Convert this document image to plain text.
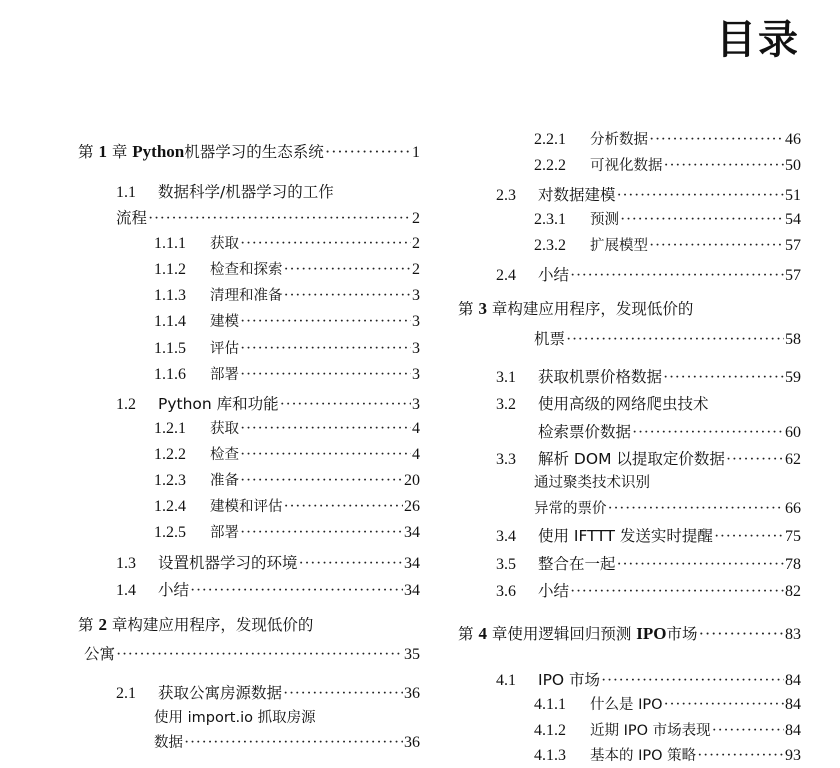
目录
第 1 章 Python 机器学习的生态系统 ·····	1
1.1	数据科学/机器学习的工作
流程 ·····	2
1.1.1	获取 ·····	2
1.1.2	检查和探索 ·····	2
1.1.3	清理和准备 ·····	3
1.1.4	建模 ·····	3
1.1.5	评估 ·····	3
1.1.6	部署 ·····	3
1.2	Python 库和功能 ·····	3
1.2.1	获取 ·····	4
1.2.2	检查 ·····	4
1.2.3	准备 ·····	20
1.2.4	建模和评估 ·····	26
1.2.5	部署 ·····	34
1.3	设置机器学习的环境 ·····	34
1.4	小结 ·····	34
第 2 章构建应用程序，发现低价的
公寓 ·····	35
2.1	获取公寓房源数据 ·····	36
使用 import.io 抓取房源
数据 ·····	36
2.2.1	分析数据 ·····	46
2.2.2	可视化数据 ·····	50
2.3	对数据建模 ·····	51
2.3.1	预测 ·····	54
2.3.2	扩展模型 ·····	57
2.4	小结 ·····	57
第 3 章构建应用程序，发现低价的
机票 ·····	58
3.1	获取机票价格数据 ·····	59
3.2	使用高级的网络爬虫技术
检索票价数据 ·····	60
3.3	解析 DOM 以提取定价数据 ·····	62
通过聚类技术识别
异常的票价 ·····	66
3.4	使用 IFTTT 发送实时提醒 ·····	75
3.5	整合在一起 ·····	78
3.6	小结 ·····	82
第 4 章使用逻辑回归预测 IPO 市场 ·····	83
4.1	IPO 市场 ·····	84
4.1.1	什么是 IPO ·····	84
4.1.2	近期 IPO 市场表现 ·····	84
4.1.3	基本的 IPO 策略 ·····	93
